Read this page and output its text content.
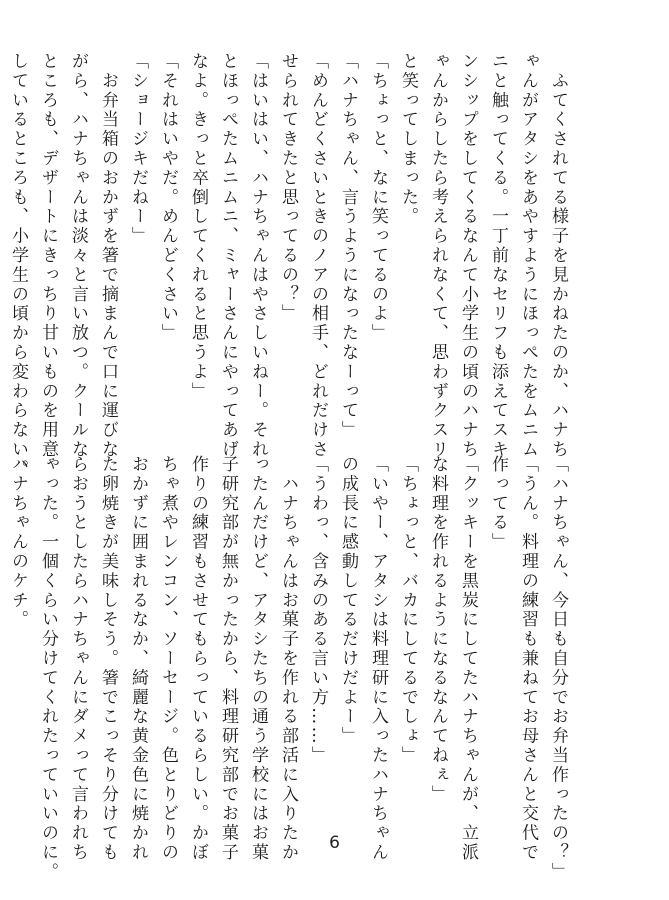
　ふてくされてる様子を見かねたのか、ハナち
ゃんがアタシをあやすようにほっぺたをムニム
ニと触ってくる。一丁前なセリフも添えてスキ
ンシップをしてくるなんて小学生の頃のハナち
ゃんからしたら考えられなくて、思わずクスリ
と笑ってしまった。
「ちょっと、なに笑ってるのよ」
「ハナちゃん、言うようになったなーって」
「めんどくさいときのノアの相手、どれだけさ
せられてきたと思ってるの？」
「はいはい、ハナちゃんはやさしいねー。それ
とほっぺたムニムニ、ミャーさんにやってあげ
なよ。きっと卒倒してくれると思うよ」
「それはいやだ。めんどくさい」
「ショージキだねー」
　お弁当箱のおかずを箸で摘まんで口に運びな
がら、ハナちゃんは淡々と言い放つ。クールな
ところも、デザートにきっちり甘いものを用意
しているところも、小学生の頃から変わらない。
「ハナちゃん、今日も自分でお弁当作ったの？」
「うん。料理の練習も兼ねてお母さんと交代で
作ってる」
「クッキーを黒炭にしてたハナちゃんが、立派
な料理を作れるようになるなんてねぇ」
「ちょっと、バカにしてるでしょ」
「いやー、アタシは料理研に入ったハナちゃん
の成長に感動してるだけだよー」
「うわっ、含みのある言い方……」
　ハナちゃんはお菓子を作れる部活に入りたか
ったんだけど、アタシたちの通う学校にはお菓
子研究部が無かったから、料理研究部でお菓子
作りの練習もさせてもらっているらしい。かぼ
ちゃ煮やレンコン、ソーセージ。色とりどりの
おかずに囲まれるなか、綺麗な黄金色に焼かれ
た卵焼きが美味しそう。箸でこっそり分けても
らおうとしたらハナちゃんにダメって言われち
ゃった。一個くらい分けてくれたっていいのに。
ハナちゃんのケチ。
6
